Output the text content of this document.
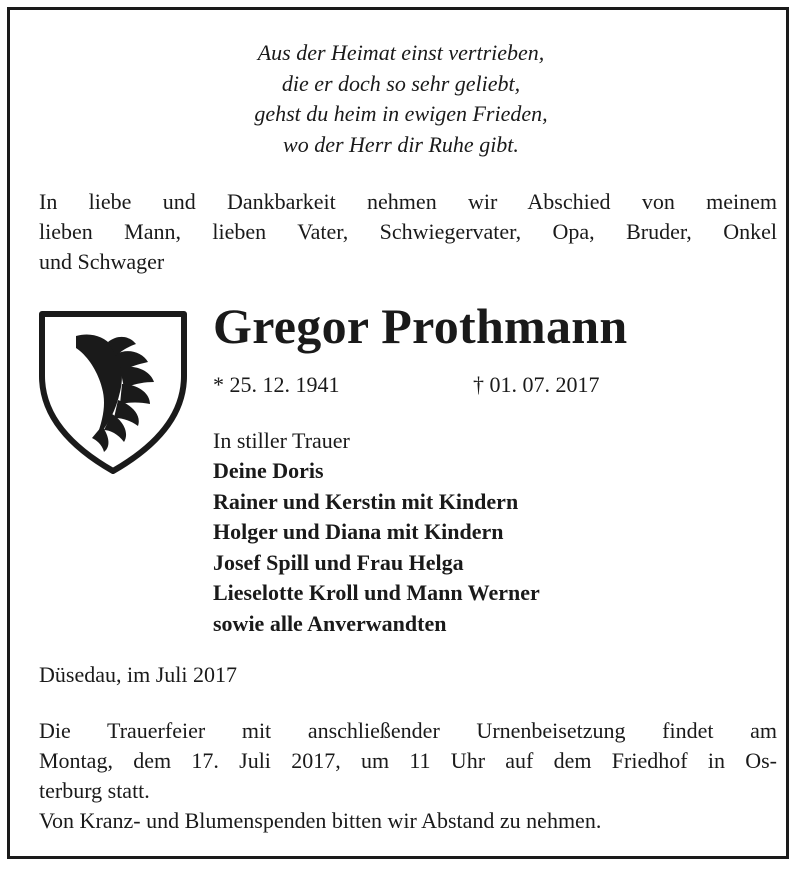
Aus der Heimat einst vertrieben,
die er doch so sehr geliebt,
gehst du heim in ewigen Frieden,
wo der Herr dir Ruhe gibt.
In liebe und Dankbarkeit nehmen wir Abschied von meinem
lieben Mann, lieben Vater, Schwiegervater, Opa, Bruder, Onkel
und Schwager
Gregor Prothmann
* 25. 12. 1941	† 01. 07. 2017
In stiller Trauer
Deine Doris
Rainer und Kerstin mit Kindern
Holger und Diana mit Kindern
Josef Spill und Frau Helga
Lieselotte Kroll und Mann Werner
sowie alle Anverwandten
Düsedau, im Juli 2017
Die Trauerfeier mit anschließender Urnenbeisetzung findet am
Montag, dem 17. Juli 2017, um 11 Uhr auf dem Friedhof in Os-
terburg statt.
Von Kranz- und Blumenspenden bitten wir Abstand zu nehmen.
